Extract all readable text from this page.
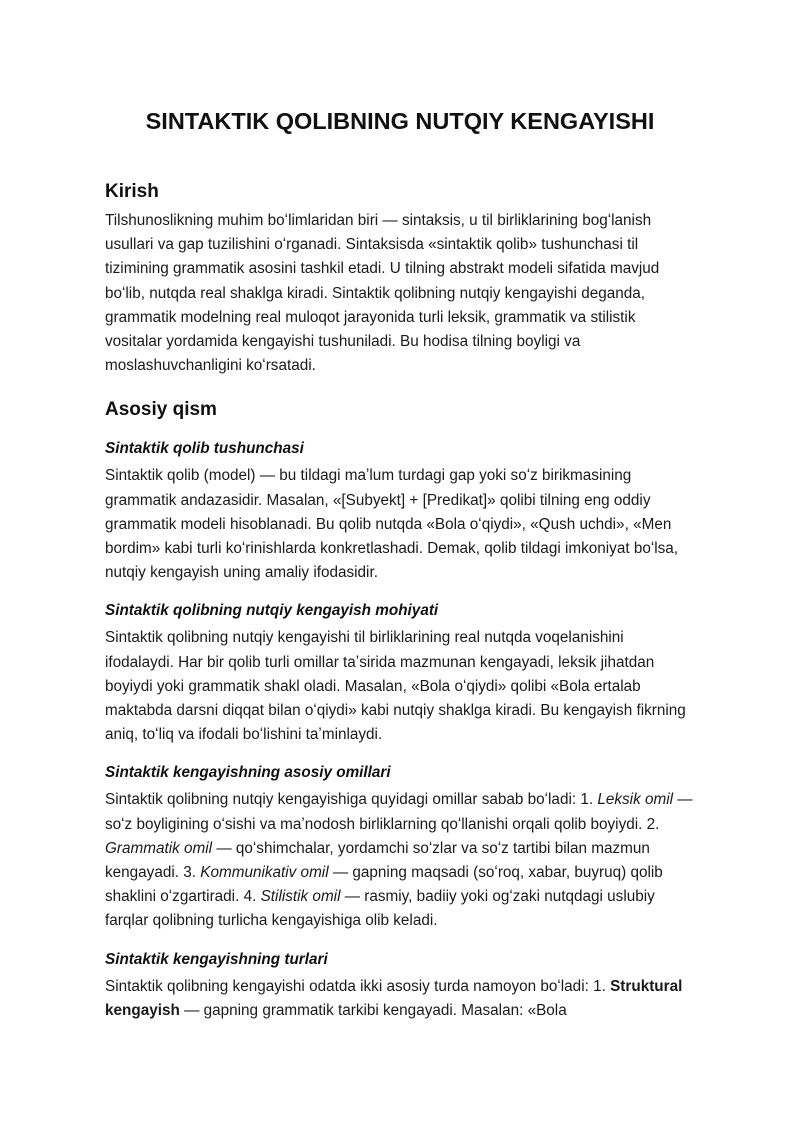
SINTAKTIK QOLIBNING NUTQIY KENGAYISHI
Kirish

Tilshunoslikning muhim boʻlimlaridan biri — sintaksis, u til birliklarining bogʻlanish usullari va gap tuzilishini oʻrganadi. Sintaksisda «sintaktik qolib» tushunchasi til tizimining grammatik asosini tashkil etadi. U tilning abstrakt modeli sifatida mavjud boʻlib, nutqda real shaklga kiradi. Sintaktik qolibning nutqiy kengayishi deganda, grammatik modelning real muloqot jarayonida turli leksik, grammatik va stilistik vositalar yordamida kengayishi tushuniladi. Bu hodisa tilning boyligi va moslashuvchanligini koʻrsatadi.

Asosiy qism
Sintaktik qolib tushunchasi

Sintaktik qolib (model) — bu tildagi maʼlum turdagi gap yoki soʻz birikmasining grammatik andazasidir. Masalan, «[Subyekt] + [Predikat]» qolibi tilning eng oddiy grammatik modeli hisoblanadi. Bu qolib nutqda «Bola oʻqiydi», «Qush uchdi», «Men bordim» kabi turli koʻrinishlarda konkretlashadi. Demak, qolib tildagi imkoniyat boʻlsa, nutqiy kengayish uning amaliy ifodasidir.

Sintaktik qolibning nutqiy kengayish mohiyati

Sintaktik qolibning nutqiy kengayishi til birliklarining real nutqda voqelanishini ifodalaydi. Har bir qolib turli omillar taʼsirida mazmunan kengayadi, leksik jihatdan boyiydi yoki grammatik shakl oladi. Masalan, «Bola oʻqiydi» qolibi «Bola ertalab maktabda darsni diqqat bilan oʻqiydi» kabi nutqiy shaklga kiradi. Bu kengayish fikrning aniq, toʻliq va ifodali boʻlishini taʼminlaydi.

Sintaktik kengayishning asosiy omillari

Sintaktik qolibning nutqiy kengayishiga quyidagi omillar sabab boʻladi: 1. Leksik omil — soʻz boyligining oʻsishi va maʼnodosh birliklarning qoʻllanishi orqali qolib boyiydi. 2. Grammatik omil — qoʻshimchalar, yordamchi soʻzlar va soʻz tartibi bilan mazmun kengayadi. 3. Kommunikativ omil — gapning maqsadi (soʻroq, xabar, buyruq) qolib shaklini oʻzgartiradi. 4. Stilistik omil — rasmiy, badiiy yoki ogʻzaki nutqdagi uslubiy farqlar qolibning turlicha kengayishiga olib keladi.

Sintaktik kengayishning turlari

Sintaktik qolibning kengayishi odatda ikki asosiy turda namoyon boʻladi: 1. Struktural kengayish — gapning grammatik tarkibi kengayadi. Masalan: «Bola
